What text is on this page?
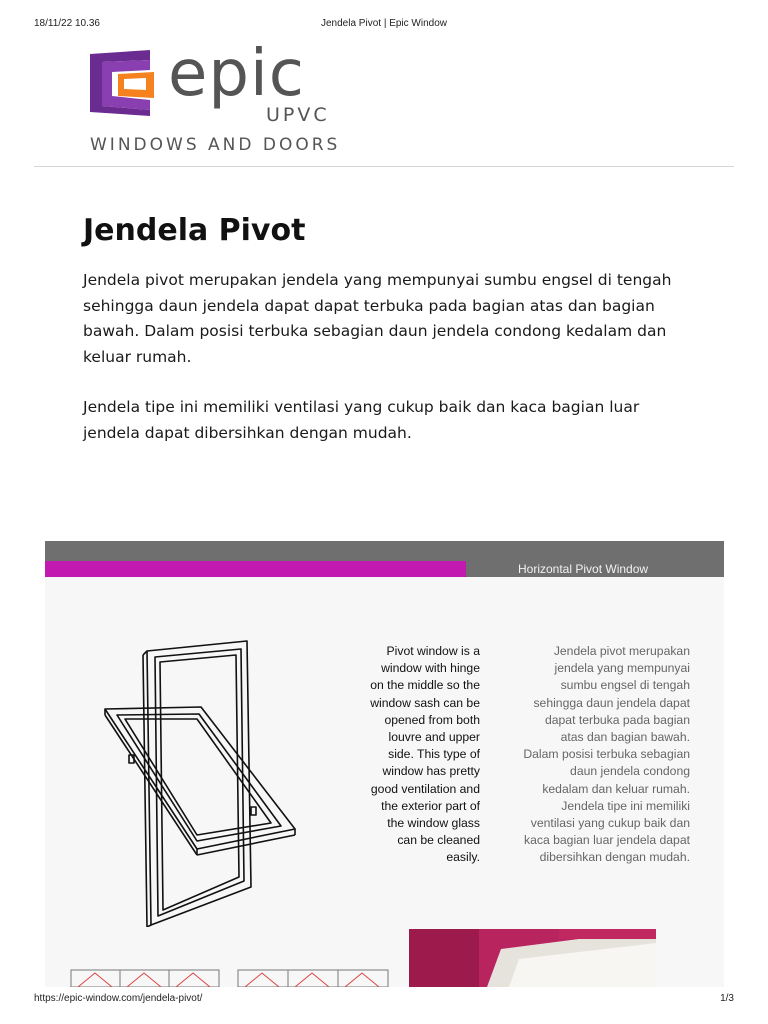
18/11/22 10.36	Jendela Pivot | Epic Window
epic
UPVC
WINDOWS AND DOORS
Jendela Pivot

Jendela pivot merupakan jendela yang mempunyai sumbu engsel di tengah sehingga daun jendela dapat dapat terbuka pada bagian atas dan bagian bawah. Dalam posisi terbuka sebagian daun jendela condong kedalam dan keluar rumah.

Jendela tipe ini memiliki ventilasi yang cukup baik dan kaca bagian luar jendela dapat dibersihkan dengan mudah.

Horizontal Pivot Window

Pivot window is a
window with hinge
on the middle so the
window sash can be
opened from both
louvre and upper
side. This type of
window has pretty
good ventilation and
the exterior part of
the window glass
can be cleaned
easily.

Jendela pivot merupakan
jendela yang mempunyai
sumbu engsel di tengah
sehingga daun jendela dapat
dapat terbuka pada bagian
atas dan bagian bawah.
Dalam posisi terbuka sebagian
daun jendela condong
kedalam dan keluar rumah.
Jendela tipe ini memiliki
ventilasi yang cukup baik dan
kaca bagian luar jendela dapat
dibersihkan dengan mudah.

https://epic-window.com/jendela-pivot/	1/3
